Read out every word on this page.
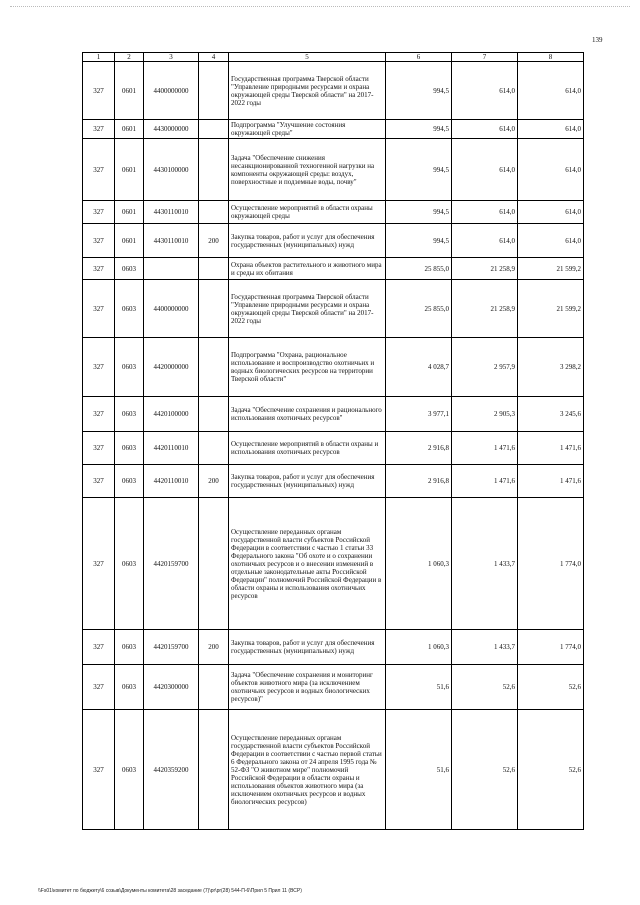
139
1	2	3	4	5	6	7	8
327	0601	4400000000		Государственная программа Тверской области "Управление природными ресурсами и охрана окружающей среды Тверской области" на 2017-2022 годы	994,5	614,0	614,0
327	0601	4430000000		Подпрограмма "Улучшение состояния окружающей среды"	994,5	614,0	614,0
327	0601	4430100000		Задача "Обеспечение снижения несанкционированной техногенной нагрузки на компоненты окружающей среды: воздух, поверхностные и подземные воды, почву"	994,5	614,0	614,0
327	0601	4430110010		Осуществление мероприятий в области охраны окружающей среды	994,5	614,0	614,0
327	0601	4430110010	200	Закупка товаров, работ и услуг для обеспечения государственных (муниципальных) нужд	994,5	614,0	614,0
327	0603			Охрана объектов растительного и животного мира и среды их обитания	25 855,0	21 258,9	21 599,2
327	0603	4400000000		Государственная программа Тверской области "Управление природными ресурсами и охрана окружающей среды Тверской области" на 2017-2022 годы	25 855,0	21 258,9	21 599,2
327	0603	4420000000		Подпрограмма "Охрана, рациональное использование и воспроизводство охотничьих и водных биологических ресурсов на территории Тверской области"	4 028,7	2 957,9	3 298,2
327	0603	4420100000		Задача "Обеспечение сохранения и рационального использования охотничьих ресурсов"	3 977,1	2 905,3	3 245,6
327	0603	4420110010		Осуществление мероприятий в области охраны и использования охотничьих ресурсов	2 916,8	1 471,6	1 471,6
327	0603	4420110010	200	Закупка товаров, работ и услуг для обеспечения государственных (муниципальных) нужд	2 916,8	1 471,6	1 471,6
327	0603	4420159700		Осуществление переданных органам государственной власти субъектов Российской Федерации в соответствии с частью 1 статьи 33 Федерального закона "Об охоте и о сохранении охотничьих ресурсов и о внесении изменений в отдельные законодательные акты Российской Федерации" полномочий Российской Федерации в области охраны и использования охотничьих ресурсов	1 060,3	1 433,7	1 774,0
327	0603	4420159700	200	Закупка товаров, работ и услуг для обеспечения государственных (муниципальных) нужд	1 060,3	1 433,7	1 774,0
327	0603	4420300000		Задача "Обеспечение сохранения и мониторинг объектов животного мира (за исключением охотничьих ресурсов и водных биологических ресурсов)"	51,6	52,6	52,6
327	0603	4420359200		Осуществление переданных органам государственной власти субъектов Российской Федерации в соответствии с частью первой статьи 6 Федерального закона от 24 апреля 1995 года № 52-ФЗ "О животном мире" полномочий Российской Федерации в области охраны и использования объектов животного мира (за исключением охотничьих ресурсов и водных биологических ресурсов)	51,6	52,6	52,6
\\Fs01\комитет по бюджету\6 созыв\Документы комитета\28 заседание (7)\pr\pr(28) 544-П-6\Прил 5 Прил 11 (ВСР)
